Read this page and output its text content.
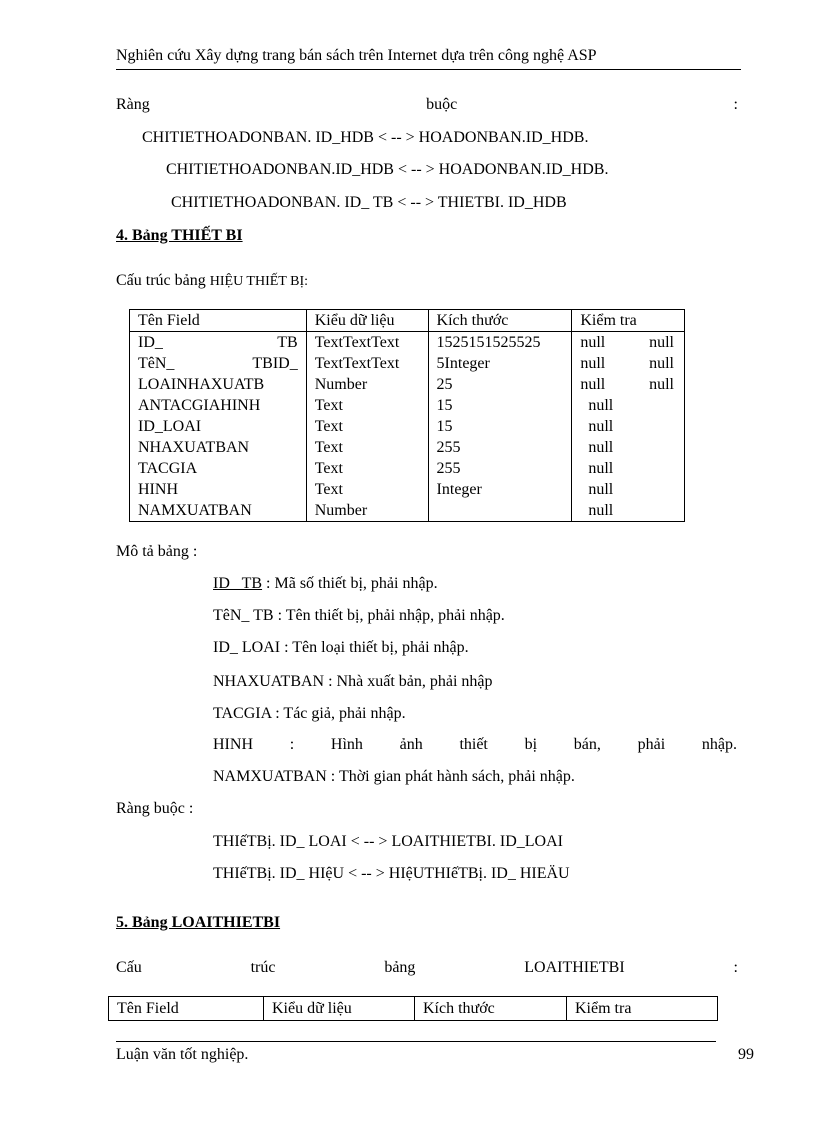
Nghiên cứu Xây dựng trang bán sách trên Internet dựa trên công nghệ ASP
Ràng	buộc	:
CHITIETHOADONBAN. ID_HDB < -- > HOADONBAN.ID_HDB.
CHITIETHOADONBAN.ID_HDB < -- > HOADONBAN.ID_HDB.
CHITIETHOADONBAN. ID_ TB < -- > THIETBI. ID_HDB
4. Bảng THIẾT BI
Cấu trúc bảng HIỆU THIẾT BỊ:
Tên Field	Kiểu dữ liệu	Kích thước	Kiểm tra

ID_ TB	TextTextText	1525151525525	null null

TêN_ TBID_	TextTextText	5Integer	null null

LOAINHAXUATB	Number	25	null null

ANTACGIAHINH	Text	15	null

ID_LOAI	Text	15	null

NHAXUATBAN	Text	255	null

TACGIA	Text	255	null

HINH	Text	Integer	null

NAMXUATBAN	Number		null
Mô tả bảng :
ID_ TB : Mã số thiết bị, phải nhập.
TêN_ TB : Tên thiết bị, phải nhập, phải nhập.
ID_ LOAI : Tên loại thiết bị, phải nhập.
NHAXUATBAN : Nhà xuất bản, phải nhập
TACGIA : Tác giả, phải nhập.
HINH : Hình ảnh thiết bị bán, phải nhập.
NAMXUATBAN : Thời gian phát hành sách, phải nhập.
Ràng buộc :
THIếTBị. ID_ LOAI < -- > LOAITHIETBI. ID_LOAI
THIếTBị. ID_ HIệU < -- > HIệUTHIếTBị. ID_ HIEÄU
5. Bảng LOAITHIETBI
Cấu	trúc	bảng	LOAITHIETBI	:
Tên Field	Kiểu dữ liệu	Kích thước	Kiểm tra
Luận văn tốt nghiệp.	99
